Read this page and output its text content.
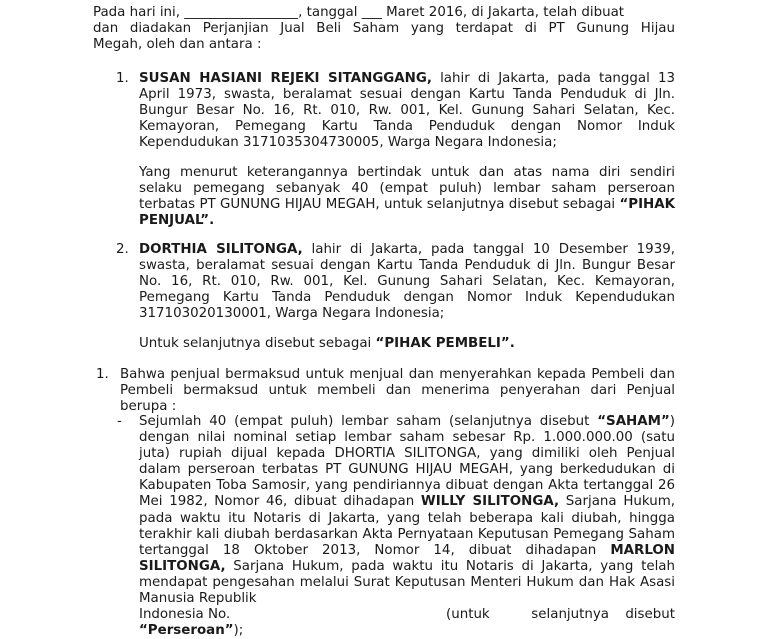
Pada hari ini, _________________, tanggal ___ Maret 2016, di Jakarta, telah dibuat
dan diadakan Perjanjian Jual Beli Saham yang terdapat di PT Gunung Hijau
Megah, oleh dan antara :
1. SUSAN HASIANI REJEKI SITANGGANG, lahir di Jakarta, pada tanggal 13 April 1973, swasta, beralamat sesuai dengan Kartu Tanda Penduduk di Jln. Bungur Besar No. 16, Rt. 010, Rw. 001, Kel. Gunung Sahari Selatan, Kec. Kemayoran, Pemegang Kartu Tanda Penduduk dengan Nomor Induk Kependudukan 3171035304730005, Warga Negara Indonesia;

Yang menurut keterangannya bertindak untuk dan atas nama diri sendiri selaku pemegang sebanyak 40 (empat puluh) lembar saham perseroan terbatas PT GUNUNG HIJAU MEGAH, untuk selanjutnya disebut sebagai “PIHAK PENJUAL”.

2. DORTHIA SILITONGA, lahir di Jakarta, pada tanggal 10 Desember 1939, swasta, beralamat sesuai dengan Kartu Tanda Penduduk di Jln. Bungur Besar No. 16, Rt. 010, Rw. 001, Kel. Gunung Sahari Selatan, Kec. Kemayoran, Pemegang Kartu Tanda Penduduk dengan Nomor Induk Kependudukan 317103020130001, Warga Negara Indonesia;

Untuk selanjutnya disebut sebagai “PIHAK PEMBELI”.

1. Bahwa penjual bermaksud untuk menjual dan menyerahkan kepada Pembeli dan Pembeli bermaksud untuk membeli dan menerima penyerahan dari Penjual berupa :

-	Sejumlah 40 (empat puluh) lembar saham (selanjutnya disebut “SAHAM”) dengan nilai nominal setiap lembar saham sebesar Rp. 1.000.000.00 (satu juta) rupiah dijual kepada DHORTIA SILITONGA, yang dimiliki oleh Penjual dalam perseroan terbatas PT GUNUNG HIJAU MEGAH, yang berkedudukan di Kabupaten Toba Samosir, yang pendiriannya dibuat dengan Akta tertanggal 26 Mei 1982, Nomor 46, dibuat dihadapan WILLY SILITONGA, Sarjana Hukum, pada waktu itu Notaris di Jakarta, yang telah beberapa kali diubah, hingga terakhir kali diubah berdasarkan Akta Pernyataan Keputusan Pemegang Saham tertanggal 18 Oktober 2013, Nomor 14, dibuat dihadapan MARLON SILITONGA, Sarjana Hukum, pada waktu itu Notaris di Jakarta, yang telah mendapat pengesahan melalui Surat Keputusan Menteri Hukum dan Hak Asasi Manusia Republik
Indonesia No.	(untuk	selanjutnya	disebut
“Perseroan”);
